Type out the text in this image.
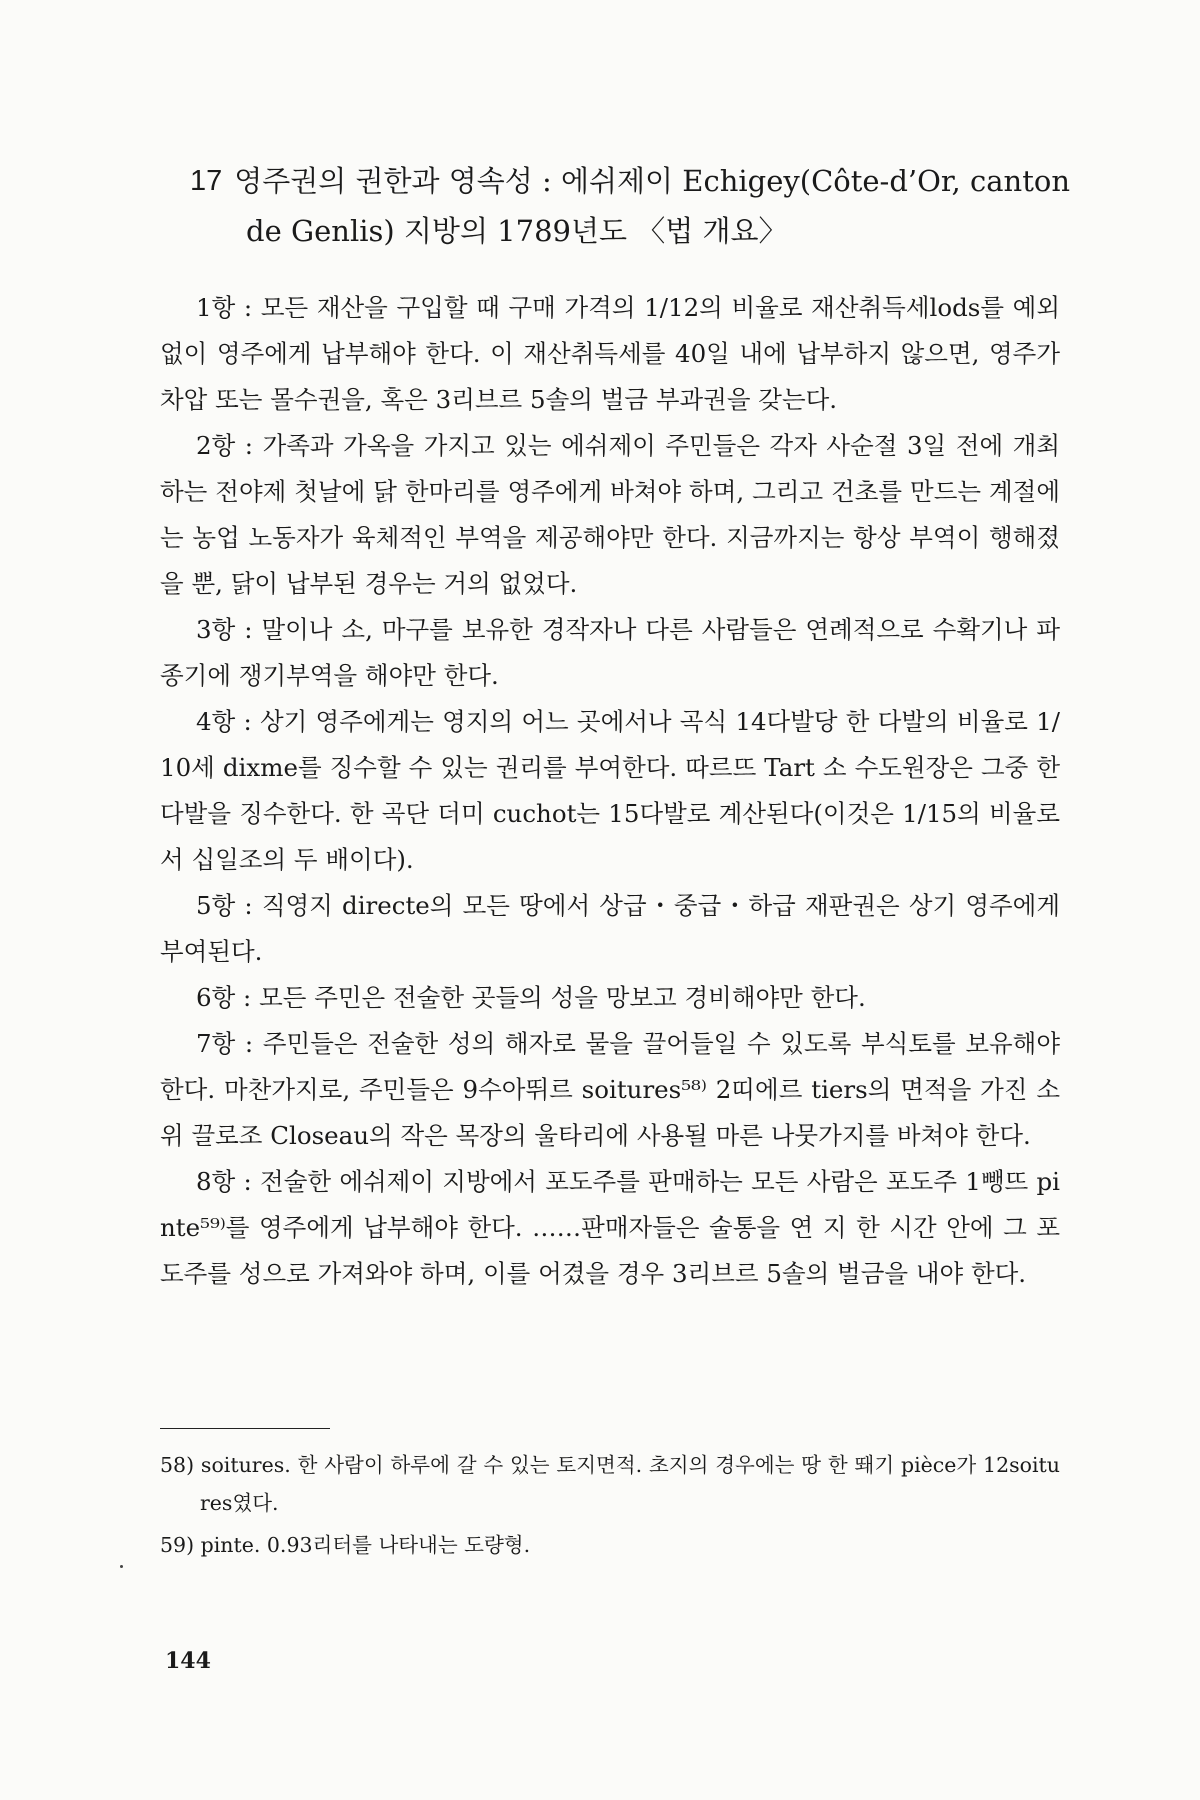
17 영주권의 권한과 영속성 : 에쉬제이 Echigey(Côte-d’Or, canton
de Genlis) 지방의 1789년도 〈법 개요〉

1항 : 모든 재산을 구입할 때 구매 가격의 1/12의 비율로 재산취득세lods를 예외없이 영주에게 납부해야 한다. 이 재산취득세를 40일 내에 납부하지 않으면, 영주가 차압 또는 몰수권을, 혹은 3리브르 5솔의 벌금 부과권을 갖는다.

2항 : 가족과 가옥을 가지고 있는 에쉬제이 주민들은 각자 사순절 3일 전에 개최하는 전야제 첫날에 닭 한마리를 영주에게 바쳐야 하며, 그리고 건초를 만드는 계절에는 농업 노동자가 육체적인 부역을 제공해야만 한다. 지금까지는 항상 부역이 행해졌을 뿐, 닭이 납부된 경우는 거의 없었다.

3항 : 말이나 소, 마구를 보유한 경작자나 다른 사람들은 연례적으로 수확기나 파종기에 쟁기부역을 해야만 한다.

4항 : 상기 영주에게는 영지의 어느 곳에서나 곡식 14다발당 한 다발의 비율로 1/10세 dixme를 징수할 수 있는 권리를 부여한다. 따르뜨 Tart 소 수도원장은 그중 한 다발을 징수한다. 한 곡단 더미 cuchot는 15다발로 계산된다(이것은 1/15의 비율로서 십일조의 두 배이다).

5항 : 직영지 directe의 모든 땅에서 상급・중급・하급 재판권은 상기 영주에게 부여된다.

6항 : 모든 주민은 전술한 곳들의 성을 망보고 경비해야만 한다.

7항 : 주민들은 전술한 성의 해자로 물을 끌어들일 수 있도록 부식토를 보유해야 한다. 마찬가지로, 주민들은 9수아뛰르 soitures⁵⁸⁾ 2띠에르 tiers의 면적을 가진 소위 끌로조 Closeau의 작은 목장의 울타리에 사용될 마른 나뭇가지를 바쳐야 한다.

8항 : 전술한 에쉬제이 지방에서 포도주를 판매하는 모든 사람은 포도주 1뺑뜨 pinte⁵⁹⁾를 영주에게 납부해야 한다. ……판매자들은 술통을 연 지 한 시간 안에 그 포도주를 성으로 가져와야 하며, 이를 어겼을 경우 3리브르 5솔의 벌금을 내야 한다.

58) soitures. 한 사람이 하루에 갈 수 있는 토지면적. 초지의 경우에는 땅 한 뙈기 pièce가 12soitures였다.

59) pinte. 0.93리터를 나타내는 도량형.

144
